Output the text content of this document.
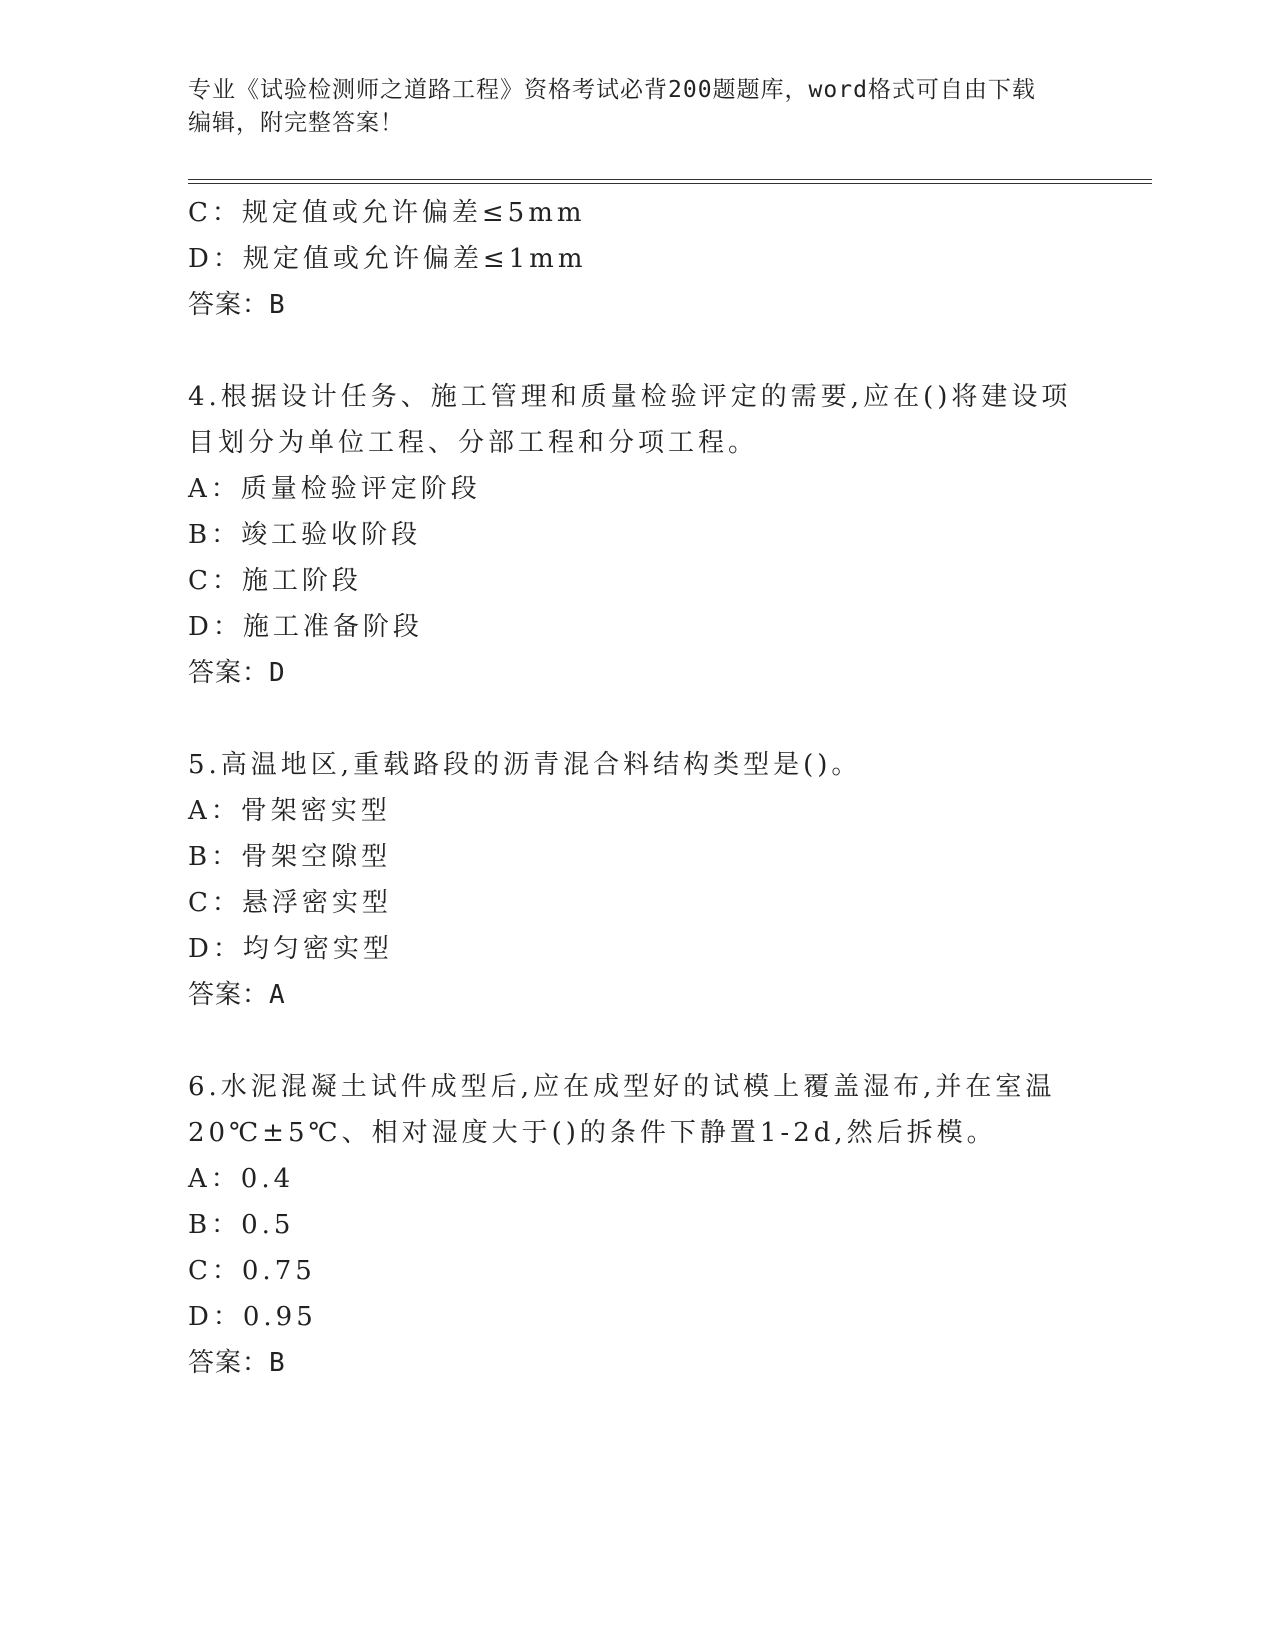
专业《试验检测师之道路工程》资格考试必背200题题库，word格式可自由下载
编辑，附完整答案！
C：规定值或允许偏差≤5mm
D：规定值或允许偏差≤1mm
答案：B
4.根据设计任务、施工管理和质量检验评定的需要,应在()将建设项
目划分为单位工程、分部工程和分项工程。
A：质量检验评定阶段
B：竣工验收阶段
C：施工阶段
D：施工准备阶段
答案：D
5.高温地区,重载路段的沥青混合料结构类型是()。
A：骨架密实型
B：骨架空隙型
C：悬浮密实型
D：均匀密实型
答案：A
6.水泥混凝土试件成型后,应在成型好的试模上覆盖湿布,并在室温
20℃±5℃、相对湿度大于()的条件下静置1-2d,然后拆模。
A：0.4
B：0.5
C：0.75
D：0.95
答案：B
